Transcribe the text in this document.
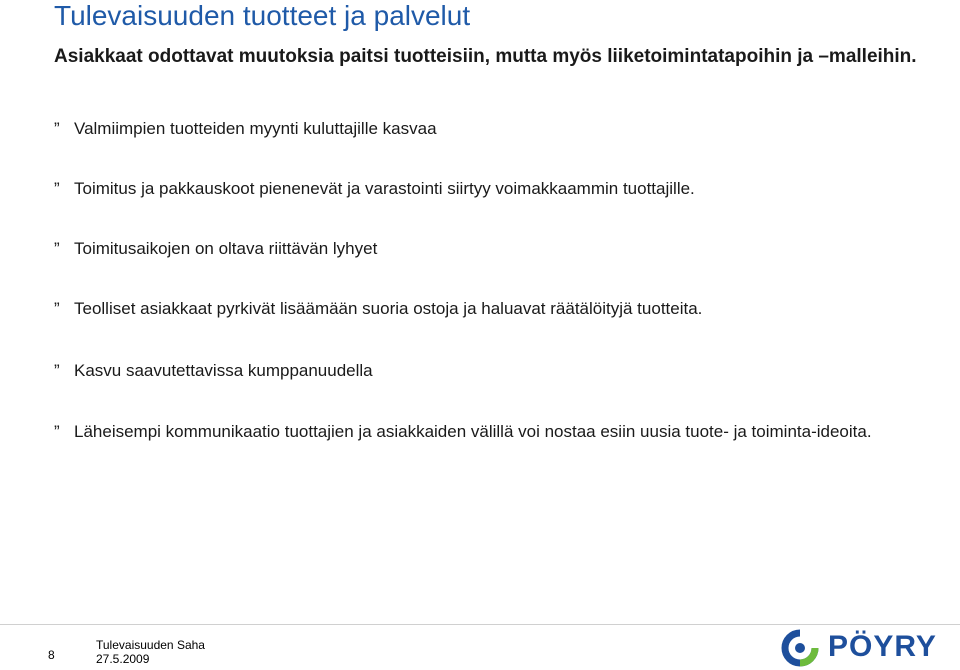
Tulevaisuuden tuotteet ja palvelut
Asiakkaat odottavat muutoksia paitsi tuotteisiin, mutta myös liiketoimintatapoihin ja –malleihin.
” Valmiimpien tuotteiden myynti kuluttajille kasvaa
” Toimitus ja pakkauskoot pienenevät ja varastointi siirtyy voimakkaammin tuottajille.
” Toimitusaikojen on oltava riittävän lyhyet
” Teolliset asiakkaat pyrkivät lisäämään suoria ostoja ja haluavat räätälöityjä tuotteita.
” Kasvu saavutettavissa kumppanuudella
” Läheisempi kommunikaatio tuottajien ja asiakkaiden välillä voi nostaa esiin uusia tuote- ja toiminta-ideoita.
8
Tulevaisuuden Saha
27.5.2009	PÖYRY
